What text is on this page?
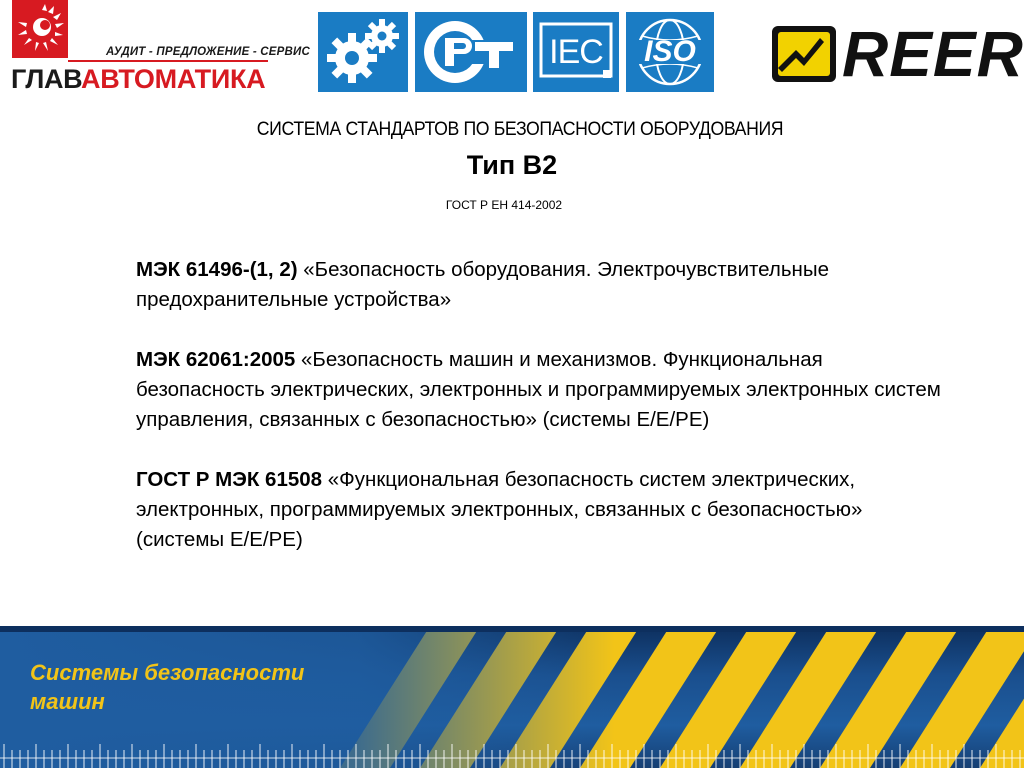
АУДИТ - ПРЕДЛОЖЕНИЕ - СЕРВИС
ГЛАВАВТОМАТИКА
IEC	ISO REER
СИСТЕМА СТАНДАРТОВ ПО БЕЗОПАСНОСТИ ОБОРУДОВАНИЯ
Тип В2
ГОСТ Р ЕН 414-2002

МЭК 61496-(1, 2) «Безопасность оборудования. Электрочувствительные предохранительные устройства»

МЭК 62061:2005 «Безопасность машин и механизмов. Функциональная безопасность электрических, электронных и программируемых электронных систем управления, связанных с безопасностью» (системы Е/Е/РЕ)

ГОСТ Р МЭК 61508 «Функциональная безопасность систем электрических, электронных, программируемых электронных, связанных с безопасностью» (системы Е/Е/РЕ)

Системы безопасности
машин
